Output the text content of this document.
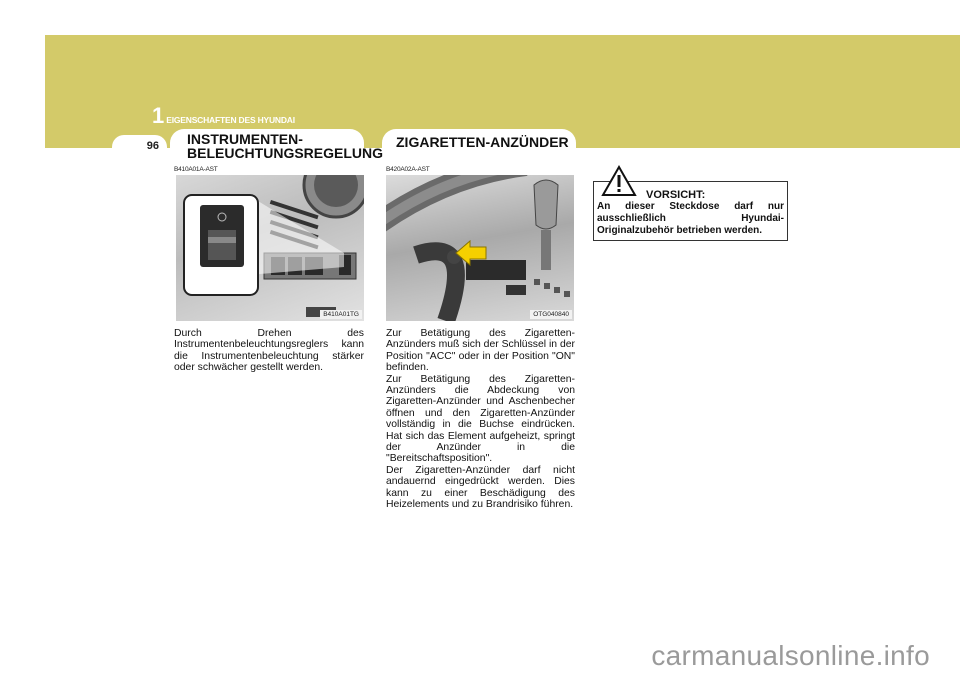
1 EIGENSCHAFTEN DES HYUNDAI
96 INSTRUMENTEN-
BELEUCHTUNGSREGELUNG
ZIGARETTEN-ANZÜNDER
B410A01A-AST	B420A02A-AST
B410A01TG	OTG040840
Durch Drehen des Instrumentenbeleuchtungsreglers kann die Instrumentenbeleuchtung stärker oder schwächer gestellt werden.
Zur Betätigung des Zigaretten-Anzünders muß sich der Schlüssel in der Position "ACC" oder in der Position "ON" befinden.
Zur Betätigung des Zigaretten-Anzünders die Abdeckung von Zigaretten-Anzünder und Aschenbecher öffnen und den Zigaretten-Anzünder vollständig in die Buchse eindrücken. Hat sich das Element aufgeheizt, springt der Anzünder in die "Bereitschaftsposition".
Der Zigaretten-Anzünder darf nicht andauernd eingedrückt werden. Dies kann zu einer Beschädigung des Heizelements und zu Brandrisiko führen.
VORSICHT:
An dieser Steckdose darf nur ausschließlich Hyundai-Originalzubehör betrieben werden.
carmanualsonline.info
